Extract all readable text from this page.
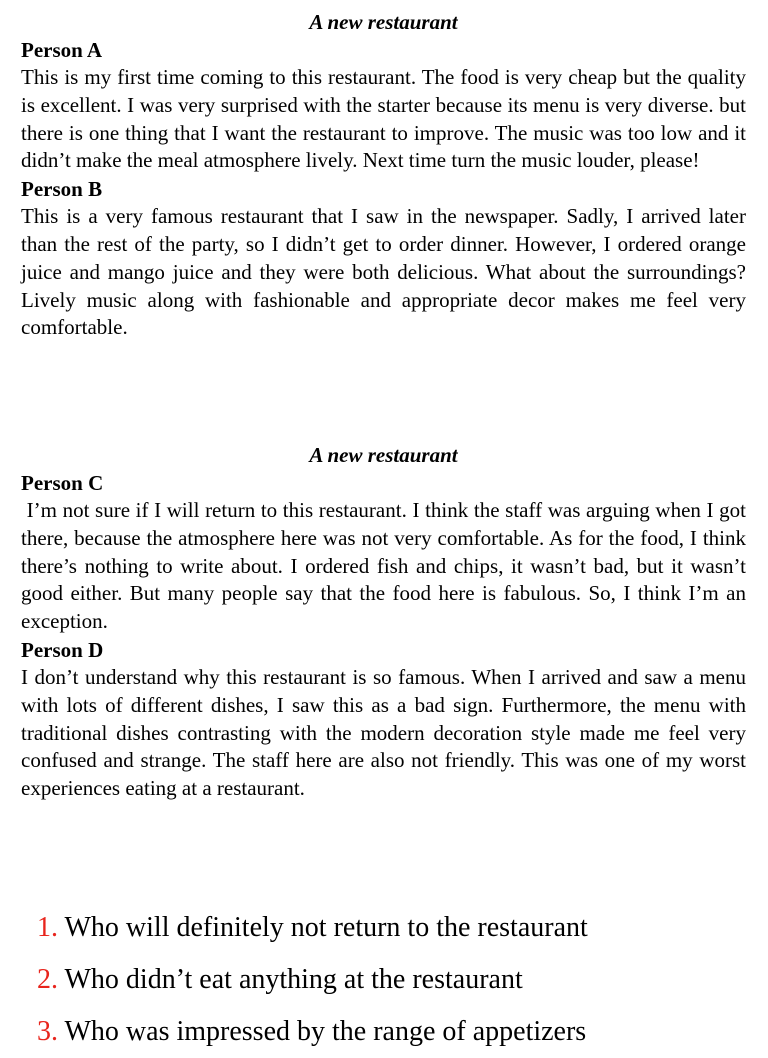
A new restaurant

Person A

This is my first time coming to this restaurant. The food is very cheap but the quality is excellent. I was very surprised with the starter because its menu is very diverse. but there is one thing that I want the restaurant to improve. The music was too low and it didn’t make the meal atmosphere lively. Next time turn the music louder, please!

Person B

This is a very famous restaurant that I saw in the newspaper. Sadly, I arrived later than the rest of the party, so I didn’t get to order dinner. However, I ordered orange juice and mango juice and they were both delicious. What about the surroundings? Lively music along with fashionable and appropriate decor makes me feel very comfortable.

A new restaurant

Person C

I’m not sure if I will return to this restaurant. I think the staff was arguing when I got there, because the atmosphere here was not very comfortable. As for the food, I think there’s nothing to write about. I ordered fish and chips, it wasn’t bad, but it wasn’t good either. But many people say that the food here is fabulous. So, I think I’m an exception.

Person D

I don’t understand why this restaurant is so famous. When I arrived and saw a menu with lots of different dishes, I saw this as a bad sign. Furthermore, the menu with traditional dishes contrasting with the modern decoration style made me feel very confused and strange. The staff here are also not friendly. This was one of my worst experiences eating at a restaurant.

1. Who will definitely not return to the restaurant
2. Who didn’t eat anything at the restaurant
3. Who was impressed by the range of appetizers
